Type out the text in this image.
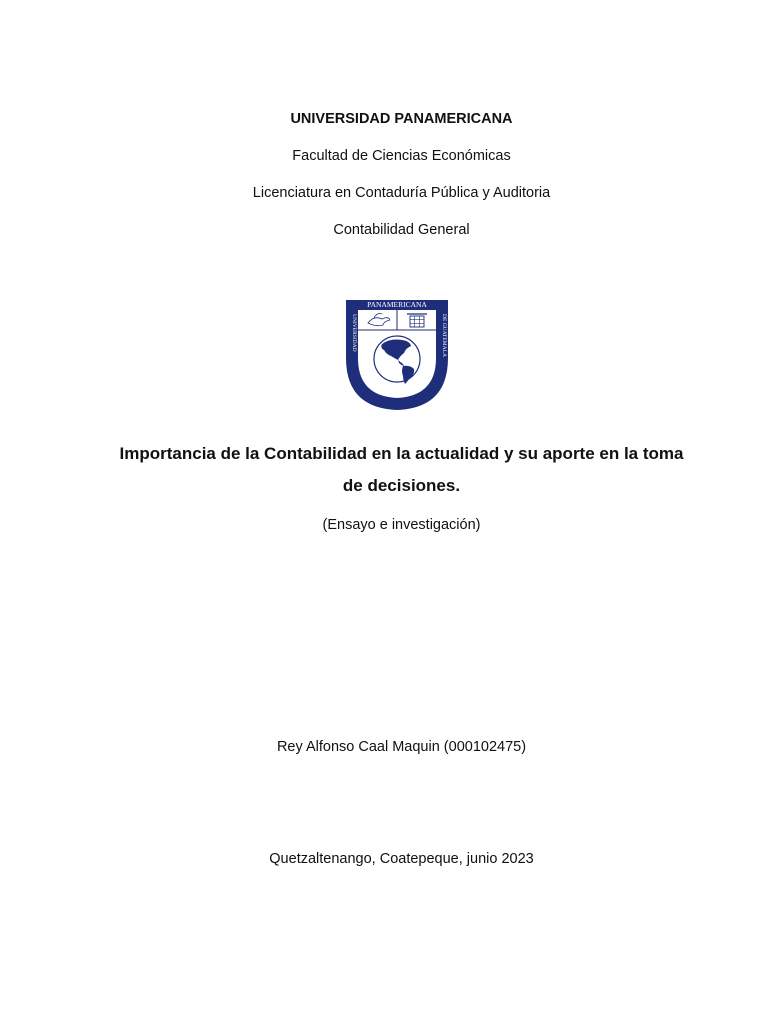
UNIVERSIDAD PANAMERICANA
Facultad de Ciencias Económicas
Licenciatura en Contaduría Pública y Auditoria
Contabilidad General
PANAMERICANA
UNIVERSIDAD	DE GUATEMALA
Sapientia ante todo adornat sapiens
Importancia de la Contabilidad en la actualidad y su aporte en la toma
de decisiones.
(Ensayo e investigación)
Rey Alfonso Caal Maquin (000102475)
Quetzaltenango, Coatepeque, junio 2023
